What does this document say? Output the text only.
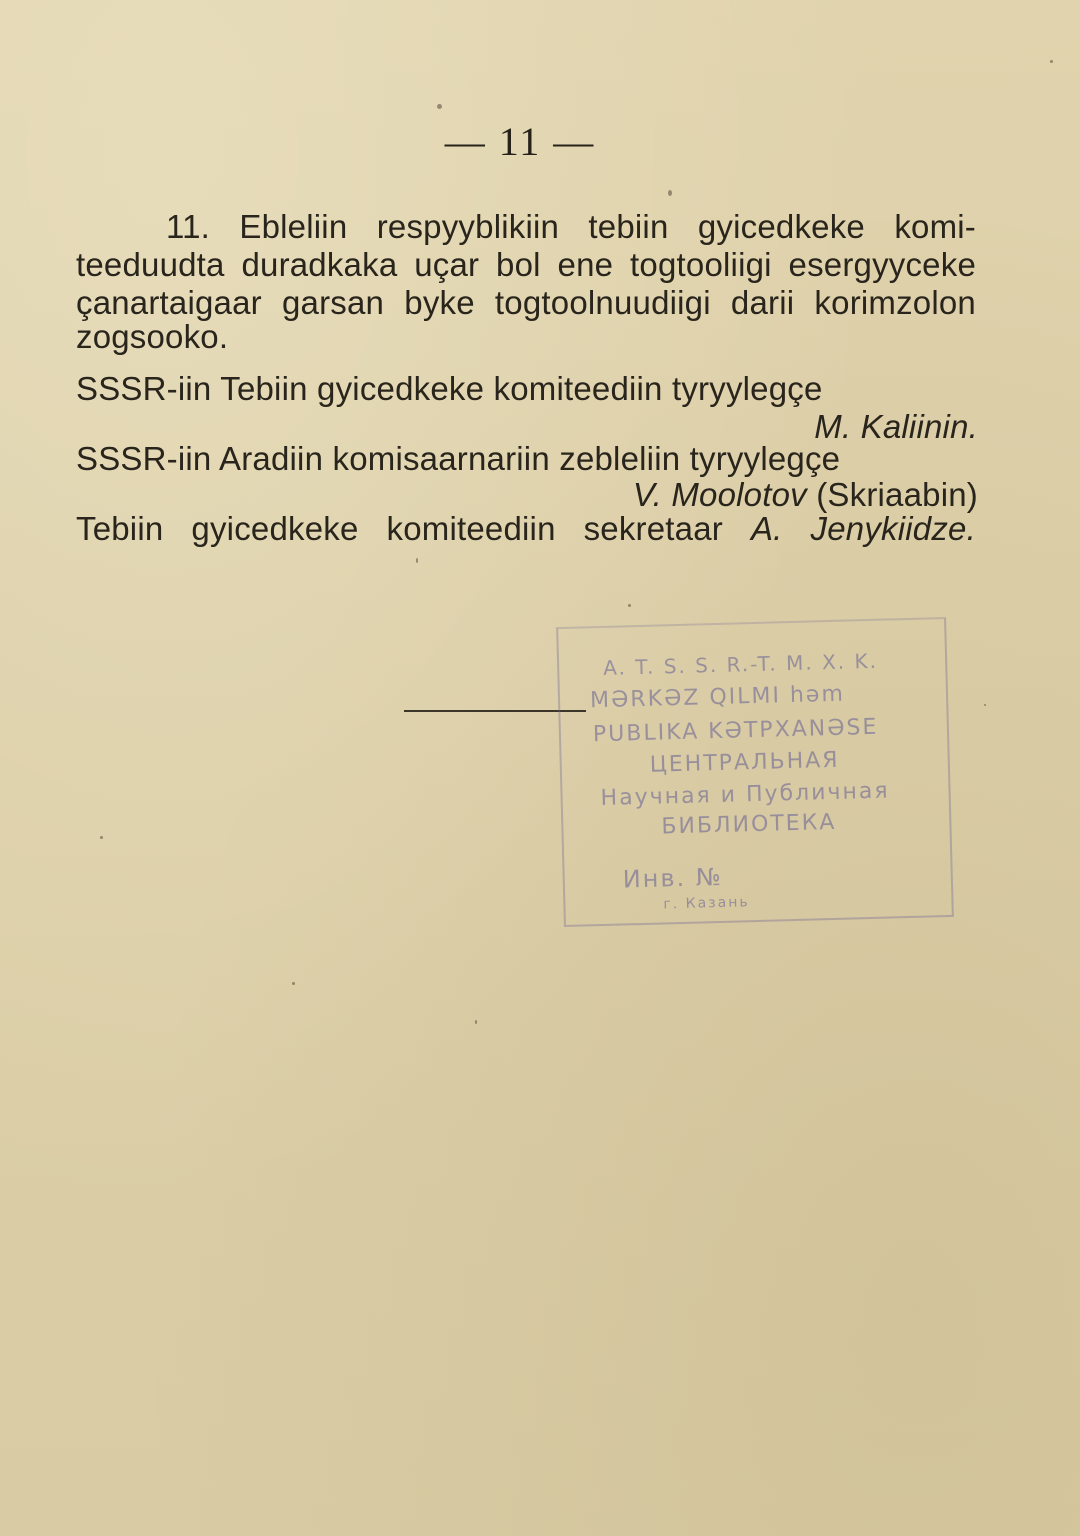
— 11 —
11. Ebleliin respyyblikiin tebiin gyicedkeke komi-
teeduudta duradkaka uçar bol ene togtooliigi esergyyceke
çanartaigaar garsan byke togtoolnuudiigi darii korimzolon
zogsooko.
SSSR-iin Tebiin gyicedkeke komiteediin tyryylegçe
M. Kaliinin.
SSSR-iin Aradiin komisaarnariin zebleliin tyryylegçe
V. Moolotov (Skriaabin)
Tebiin gyicedkeke komiteediin sekretaar A. Jenykiidze.
A. T. S. S. R.-T. M. X. K.
MƏRKƏZ QILMI həm
PUBLIKA KƏTPXANƏSE
ЦЕНТРАЛЬНАЯ
Научная и Публичная
БИБЛИОТЕКА
Инв. №
г. Казань
